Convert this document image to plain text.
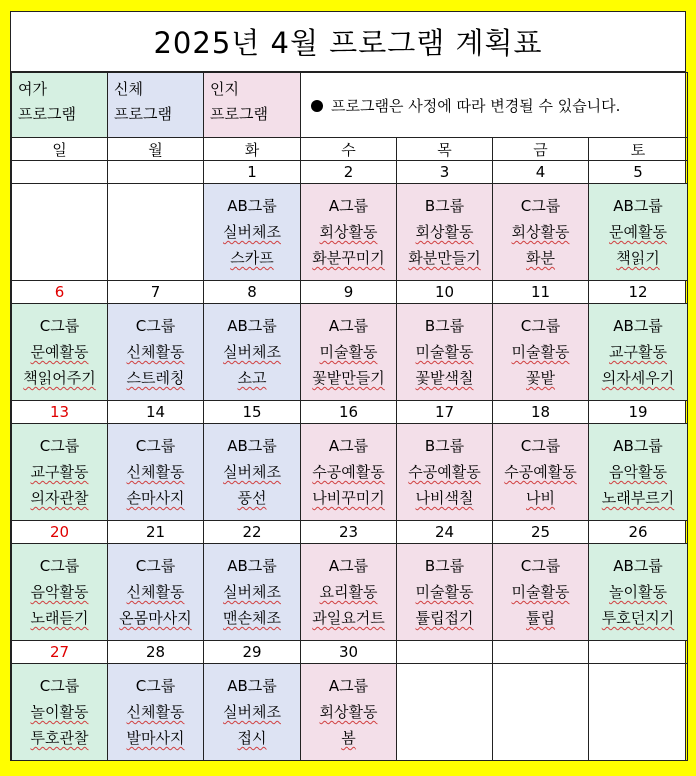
2025년 4월 프로그램 계획표
여가
프로그램	신체
프로그램	인지
프로그램	프로그램은 사정에 따라 변경될 수 있습니다.			
일	월	화	수	목	금	토
		1	2	3	4	5

		AB그룹
실버체조
스카프	A그룹
회상활동
화분꾸미기	B그룹
회상활동
화분만들기	C그룹
회상활동
화분	AB그룹
문예활동
책읽기

6	7	8	9	10	11	12

C그룹
문예활동
책읽어주기	C그룹
신체활동
스트레칭	AB그룹
실버체조
소고	A그룹
미술활동
꽃밭만들기	B그룹
미술활동
꽃밭색칠	C그룹
미술활동
꽃밭	AB그룹
교구활동
의자세우기

13	14	15	16	17	18	19

C그룹
교구활동
의자관찰	C그룹
신체활동
손마사지	AB그룹
실버체조
풍선	A그룹
수공예활동
나비꾸미기	B그룹
수공예활동
나비색칠	C그룹
수공예활동
나비	AB그룹
음악활동
노래부르기

20	21	22	23	24	25	26

C그룹
음악활동
노래듣기	C그룹
신체활동
온몸마사지	AB그룹
실버체조
맨손체조	A그룹
요리활동
과일요거트	B그룹
미술활동
튤립접기	C그룹
미술활동
튤립	AB그룹
놀이활동
투호던지기

27	28	29	30			

C그룹
놀이활동
투호관찰	C그룹
신체활동
발마사지	AB그룹
실버체조
접시	A그룹
회상활동
봄			
